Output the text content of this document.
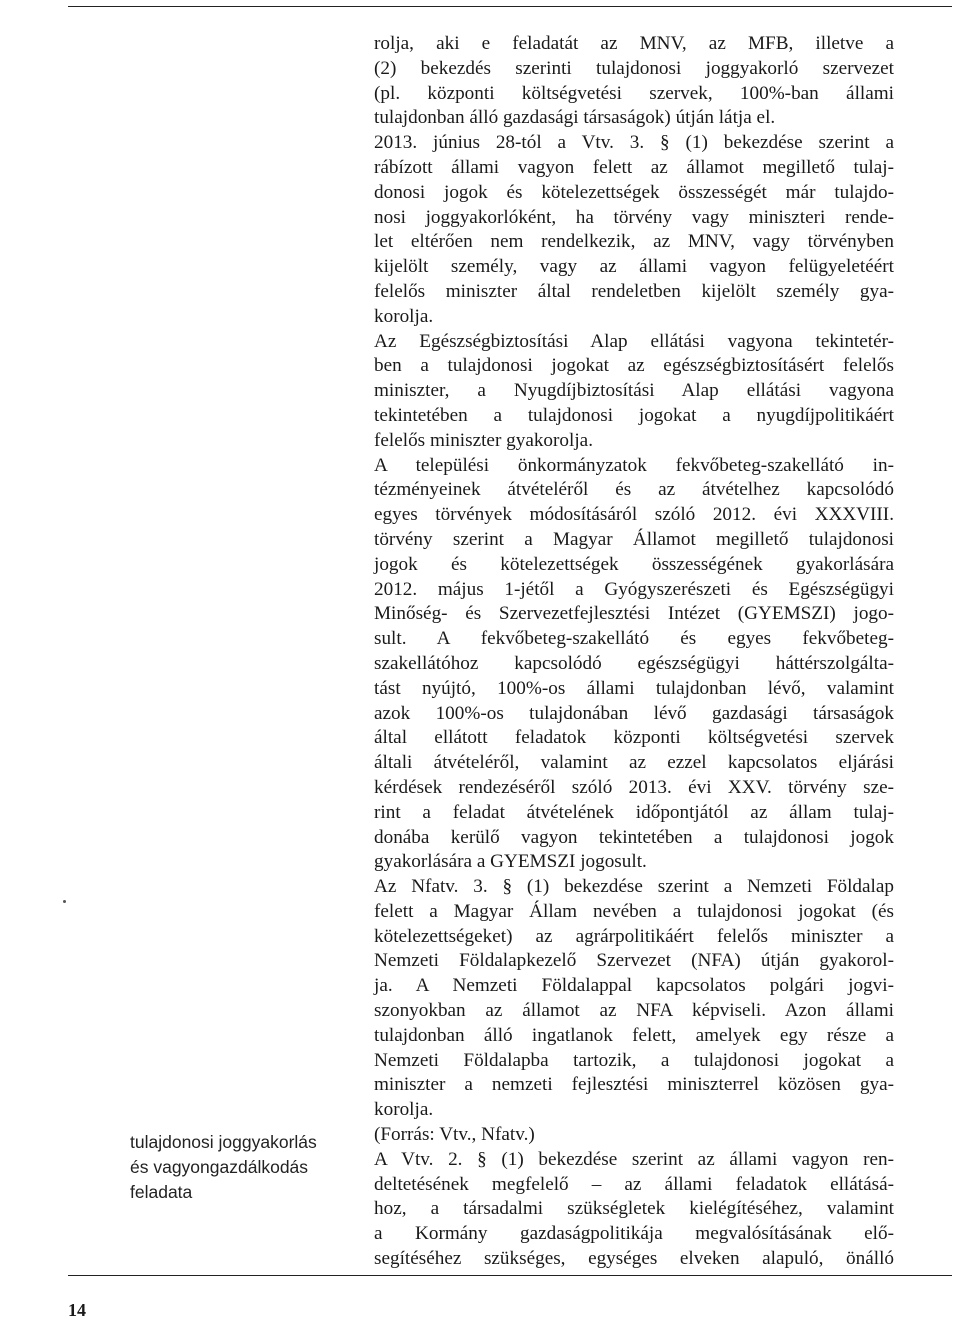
rolja, aki e feladatát az MNV, az MFB, illetve a
(2) bekezdés szerinti tulajdonosi joggyakorló szervezet
(pl. központi költségvetési szervek, 100%-ban állami
tulajdonban álló gazdasági társaságok) útján látja el.
2013. június 28-tól a Vtv. 3. § (1) bekezdése szerint a
rábízott állami vagyon felett az államot megillető tulaj-
donosi jogok és kötelezettségek összességét már tulajdo-
nosi joggyakorlóként, ha törvény vagy miniszteri rende-
let eltérően nem rendelkezik, az MNV, vagy törvényben
kijelölt személy, vagy az állami vagyon felügyeletéért
felelős miniszter által rendeletben kijelölt személy gya-
korolja.
Az Egészségbiztosítási Alap ellátási vagyona tekintetér-
ben a tulajdonosi jogokat az egészségbiztosításért felelős
miniszter, a Nyugdíjbiztosítási Alap ellátási vagyona
tekintetében a tulajdonosi jogokat a nyugdíjpolitikáért
felelős miniszter gyakorolja.
A települési önkormányzatok fekvőbeteg-szakellátó in-
tézményeinek átvételéről és az átvételhez kapcsolódó
egyes törvények módosításáról szóló 2012. évi XXXVIII.
törvény szerint a Magyar Államot megillető tulajdonosi
jogok és kötelezettségek összességének gyakorlására
2012. május 1-jétől a Gyógyszerészeti és Egészségügyi
Minőség- és Szervezetfejlesztési Intézet (GYEMSZI) jogo-
sult. A fekvőbeteg-szakellátó és egyes fekvőbeteg-
szakellátóhoz kapcsolódó egészségügyi háttérszolgálta-
tást nyújtó, 100%-os állami tulajdonban lévő, valamint
azok 100%-os tulajdonában lévő gazdasági társaságok
által ellátott feladatok központi költségvetési szervek
általi átvételéről, valamint az ezzel kapcsolatos eljárási
kérdések rendezéséről szóló 2013. évi XXV. törvény sze-
rint a feladat átvételének időpontjától az állam tulaj-
donába kerülő vagyon tekintetében a tulajdonosi jogok
gyakorlására a GYEMSZI jogosult.
Az Nfatv. 3. § (1) bekezdése szerint a Nemzeti Földalap
felett a Magyar Állam nevében a tulajdonosi jogokat (és
kötelezettségeket) az agrárpolitikáért felelős miniszter a
Nemzeti Földalapkezelő Szervezet (NFA) útján gyakorol-
ja. A Nemzeti Földalappal kapcsolatos polgári jogvi-
szonyokban az államot az NFA képviseli. Azon állami
tulajdonban álló ingatlanok felett, amelyek egy része a
Nemzeti Földalapba tartozik, a tulajdonosi jogokat a
miniszter a nemzeti fejlesztési miniszterrel közösen gya-
korolja.
(Forrás: Vtv., Nfatv.)
A Vtv. 2. § (1) bekezdése szerint az állami vagyon ren-
deltetésének megfelelő – az állami feladatok ellátásá-
hoz, a társadalmi szükségletek kielégítéséhez, valamint
a Kormány gazdaságpolitikája megvalósításának elő-
segítéséhez szükséges, egységes elveken alapuló, önálló
tulajdonosi joggyakorlás
és vagyongazdálkodás
feladata
14
